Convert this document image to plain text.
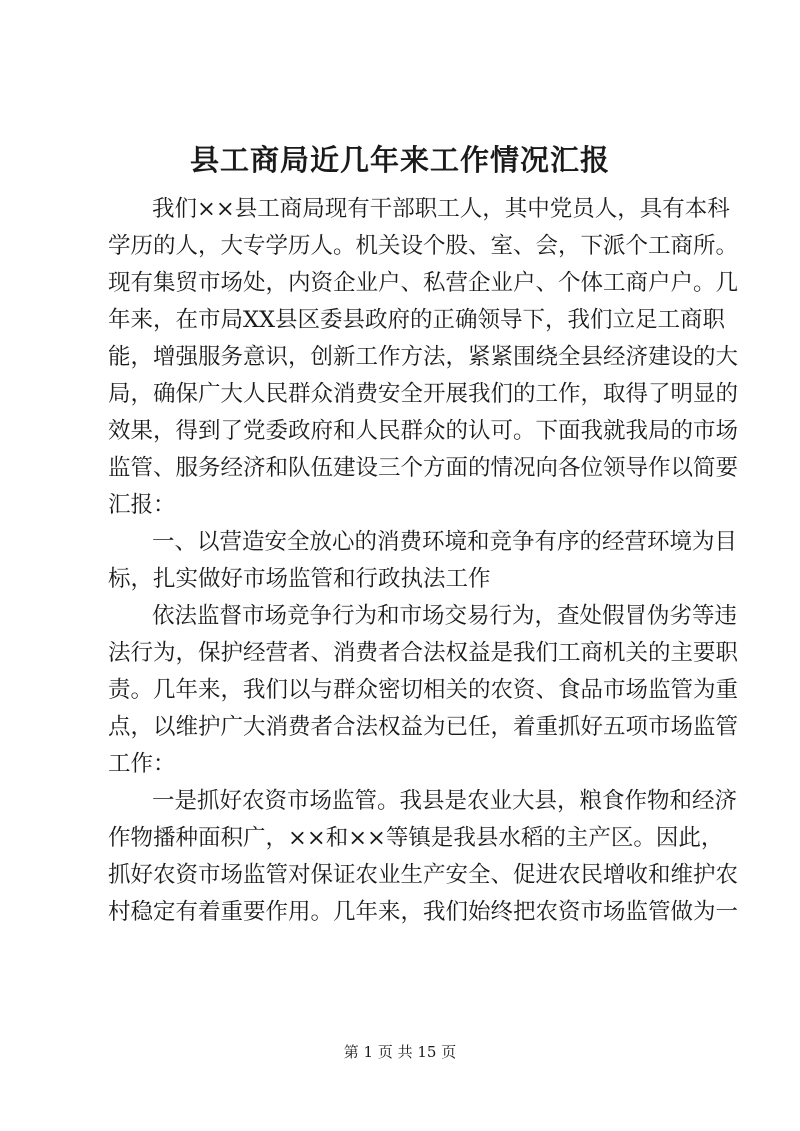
县工商局近几年来工作情况汇报
我们××县工商局现有干部职工人，其中党员人，具有本科
学历的人，大专学历人。机关设个股、室、会，下派个工商所。
现有集贸市场处，内资企业户、私营企业户、个体工商户户。几
年来，在市局XX县区委县政府的正确领导下，我们立足工商职
能，增强服务意识，创新工作方法，紧紧围绕全县经济建设的大
局，确保广大人民群众消费安全开展我们的工作，取得了明显的
效果，得到了党委政府和人民群众的认可。下面我就我局的市场
监管、服务经济和队伍建设三个方面的情况向各位领导作以简要
汇报：
一、以营造安全放心的消费环境和竞争有序的经营环境为目
标，扎实做好市场监管和行政执法工作
依法监督市场竞争行为和市场交易行为，查处假冒伪劣等违
法行为，保护经营者、消费者合法权益是我们工商机关的主要职
责。几年来，我们以与群众密切相关的农资、食品市场监管为重
点，以维护广大消费者合法权益为已任，着重抓好五项市场监管
工作：
一是抓好农资市场监管。我县是农业大县，粮食作物和经济
作物播种面积广，××和××等镇是我县水稻的主产区。因此，
抓好农资市场监管对保证农业生产安全、促进农民增收和维护农
村稳定有着重要作用。几年来，我们始终把农资市场监管做为一
第 1 页 共 15 页
